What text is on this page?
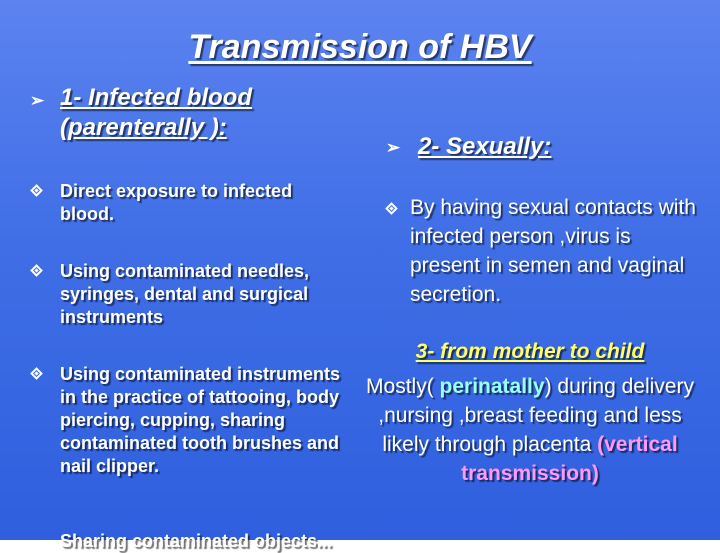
Transmission of HBV
➢ 1- Infected blood
(parenterally ):
Direct exposure to infected blood.
Using contaminated needles, syringes, dental and surgical instruments
Using contaminated instruments in the practice of tattooing, body piercing, cupping, sharing contaminated tooth brushes and nail clipper.
Sharing contaminated objects...
➢ 2- Sexually:
By having sexual contacts with infected person ,virus is present in semen and vaginal secretion.
3- from mother to child
Mostly( perinatally) during delivery ,nursing ,breast feeding and less likely through placenta (vertical transmission)
